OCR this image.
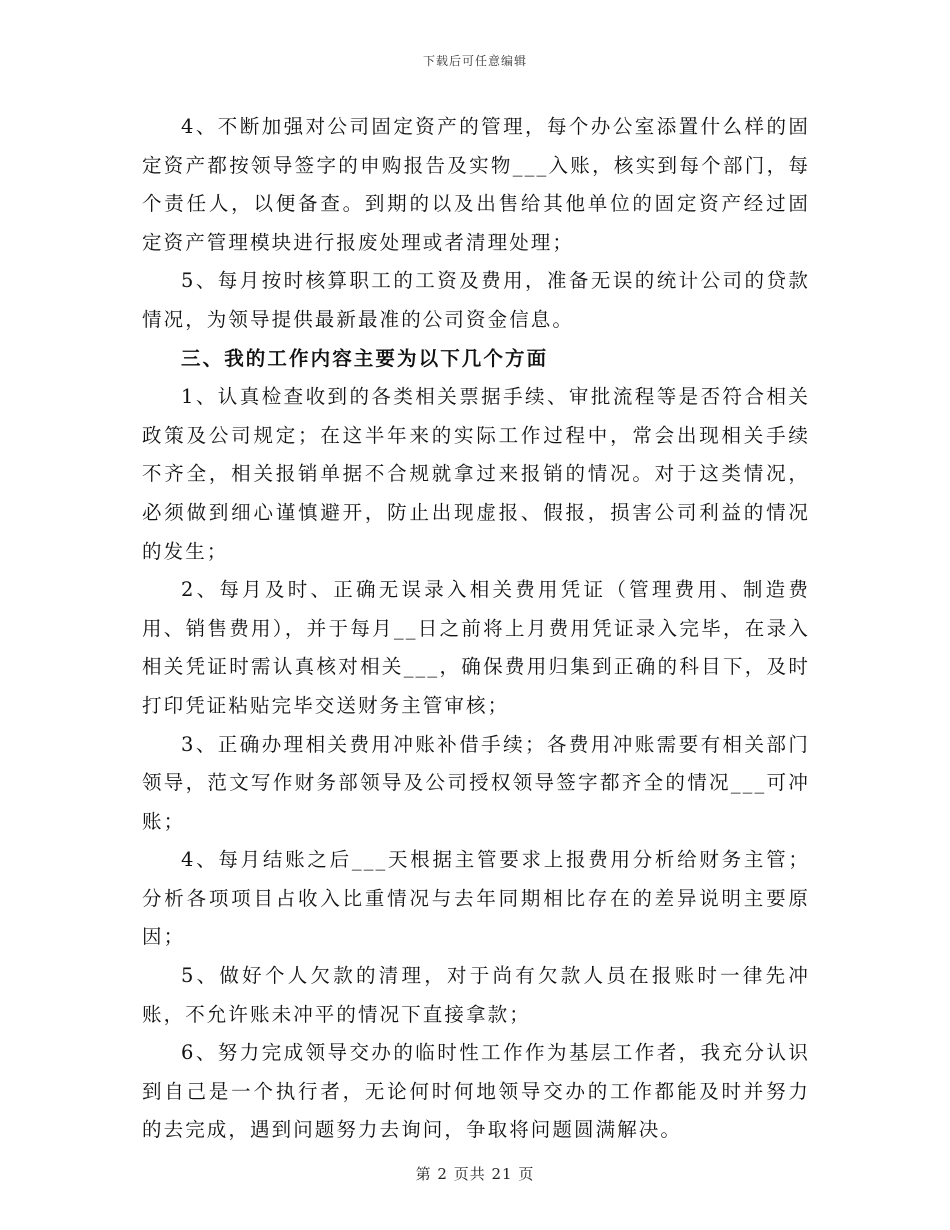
下载后可任意编辑

4、不断加强对公司固定资产的管理，每个办公室添置什么样的固定资产都按领导签字的申购报告及实物___入账，核实到每个部门，每个责任人，以便备查。到期的以及出售给其他单位的固定资产经过固定资产管理模块进行报废处理或者清理处理；

5、每月按时核算职工的工资及费用，准备无误的统计公司的贷款情况，为领导提供最新最准的公司资金信息。

三、我的工作内容主要为以下几个方面

1、认真检查收到的各类相关票据手续、审批流程等是否符合相关政策及公司规定；在这半年来的实际工作过程中，常会出现相关手续不齐全，相关报销单据不合规就拿过来报销的情况。对于这类情况，必须做到细心谨慎避开，防止出现虚报、假报，损害公司利益的情况的发生；

2、每月及时、正确无误录入相关费用凭证（管理费用、制造费用、销售费用），并于每月__日之前将上月费用凭证录入完毕，在录入相关凭证时需认真核对相关___，确保费用归集到正确的科目下，及时打印凭证粘贴完毕交送财务主管审核；

3、正确办理相关费用冲账补借手续；各费用冲账需要有相关部门领导，范文写作财务部领导及公司授权领导签字都齐全的情况___可冲账；

4、每月结账之后___天根据主管要求上报费用分析给财务主管；分析各项项目占收入比重情况与去年同期相比存在的差异说明主要原因；

5、做好个人欠款的清理，对于尚有欠款人员在报账时一律先冲账，不允许账未冲平的情况下直接拿款；

6、努力完成领导交办的临时性工作作为基层工作者，我充分认识到自己是一个执行者，无论何时何地领导交办的工作都能及时并努力的去完成，遇到问题努力去询问，争取将问题圆满解决。

第 2 页共 21 页
